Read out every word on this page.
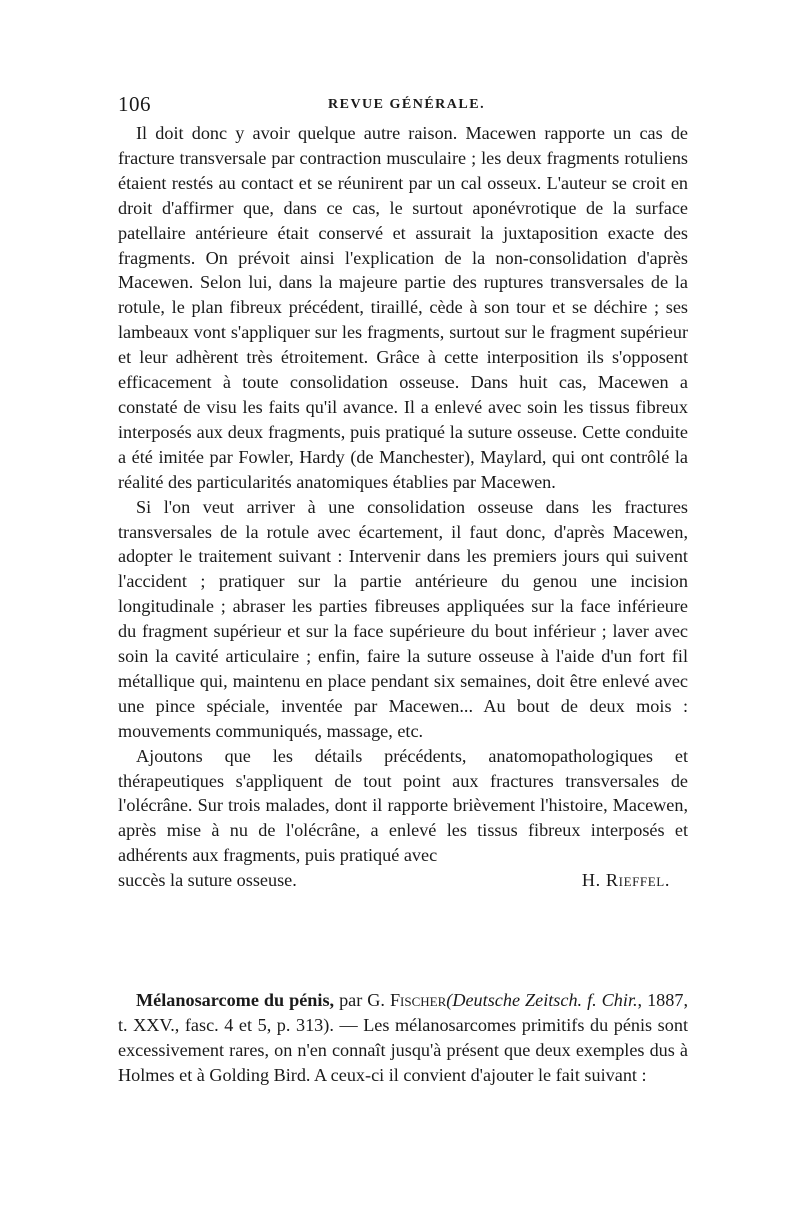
106	REVUE GÉNÉRALE.

Il doit donc y avoir quelque autre raison. Macewen rapporte un cas de fracture transversale par contraction musculaire ; les deux fragments rotuliens étaient restés au contact et se réunirent par un cal osseux. L'auteur se croit en droit d'affirmer que, dans ce cas, le surtout aponévrotique de la surface patellaire antérieure était conservé et assurait la juxtaposition exacte des fragments. On prévoit ainsi l'explication de la non-consolidation d'après Macewen. Selon lui, dans la majeure partie des ruptures transversales de la rotule, le plan fibreux précédent, tiraillé, cède à son tour et se déchire ; ses lambeaux vont s'appliquer sur les fragments, surtout sur le fragment supérieur et leur adhèrent très étroitement. Grâce à cette interposition ils s'opposent efficacement à toute consolidation osseuse. Dans huit cas, Macewen a constaté de visu les faits qu'il avance. Il a enlevé avec soin les tissus fibreux interposés aux deux fragments, puis pratiqué la suture osseuse. Cette conduite a été imitée par Fowler, Hardy (de Manchester), Maylard, qui ont contrôlé la réalité des particularités anatomiques établies par Macewen.

Si l'on veut arriver à une consolidation osseuse dans les fractures transversales de la rotule avec écartement, il faut donc, d'après Macewen, adopter le traitement suivant : Intervenir dans les premiers jours qui suivent l'accident ; pratiquer sur la partie antérieure du genou une incision longitudinale ; abraser les parties fibreuses appliquées sur la face inférieure du fragment supérieur et sur la face supérieure du bout inférieur ; laver avec soin la cavité articulaire ; enfin, faire la suture osseuse à l'aide d'un fort fil métallique qui, maintenu en place pendant six semaines, doit être enlevé avec une pince spéciale, inventée par Macewen... Au bout de deux mois : mouvements communiqués, massage, etc.

Ajoutons que les détails précédents, anatomopathologiques et thérapeutiques s'appliquent de tout point aux fractures transversales de l'olécrâne. Sur trois malades, dont il rapporte brièvement l'histoire, Macewen, après mise à nu de l'olécrâne, a enlevé les tissus fibreux interposés et adhérents aux fragments, puis pratiqué avec

succès la suture osseuse.	H. Rieffel.

Mélanosarcome du pénis, par G. Fischer(Deutsche Zeitsch. f. Chir., 1887, t. XXV., fasc. 4 et 5, p. 313). — Les mélanosarcomes primitifs du pénis sont excessivement rares, on n'en connaît jusqu'à présent que deux exemples dus à Holmes et à Golding Bird. A ceux-ci il convient d'ajouter le fait suivant :
